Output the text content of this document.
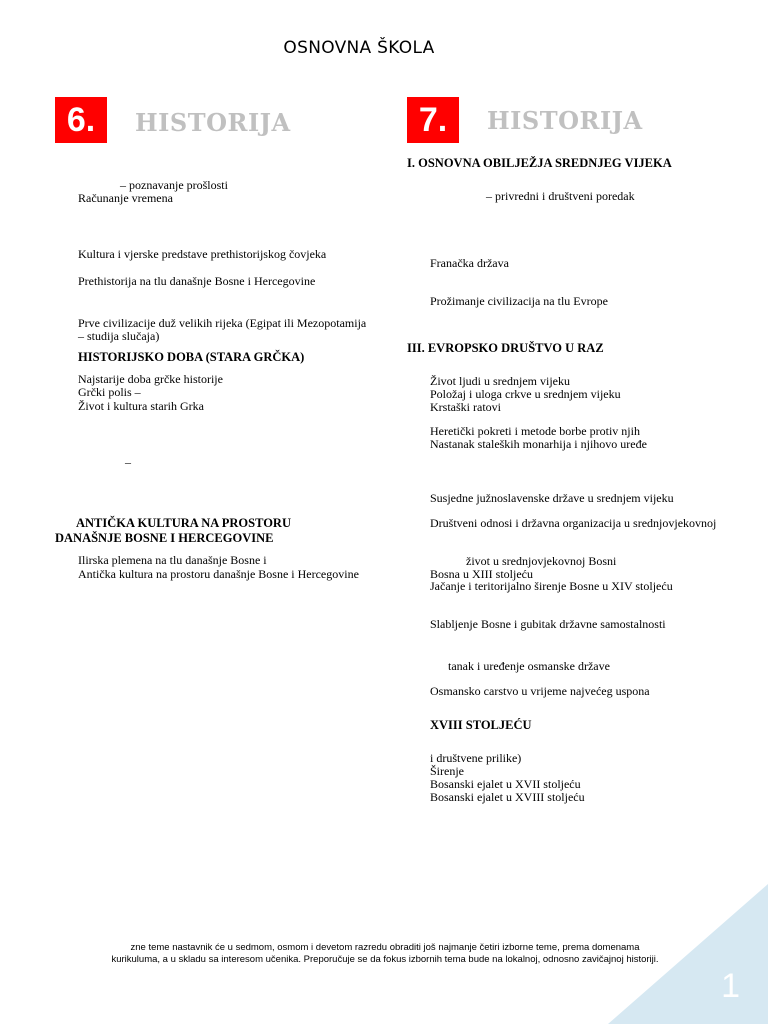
OSNOVNA ŠKOLA
6.	HISTORIJA
– poznavanje prošlosti
Računanje vremena
Kultura i vjerske predstave prethistorijskog čovjeka
Prethistorija na tlu današnje Bosne i Hercegovine
Prve civilizacije duž velikih rijeka (Egipat ili Mezopotamija
– studija slučaja)
HISTORIJSKO DOBA (STARA GRČKA)
Najstarije doba grčke historije
Grčki polis –
Život i kultura starih Grka
–
ANTIČKA KULTURA NA PROSTORU
DANAŠNJE BOSNE I HERCEGOVINE
Ilirska plemena na tlu današnje Bosne i
Antička kultura na prostoru današnje Bosne i Hercegovine
7.	HISTORIJA
I. OSNOVNA OBILJEŽJA SREDNJEG VIJEKA
– privredni i društveni poredak
Franačka država
Prožimanje civilizacija na tlu Evrope
III. EVROPSKO DRUŠTVO U RAZ
Život ljudi u srednjem vijeku
Položaj i uloga crkve u srednjem vijeku
Krstaški ratovi
Heretički pokreti i metode borbe protiv njih
Nastanak staleških monarhija i njihovo uređe
Susjedne južnoslavenske države u srednjem vijeku
Društveni odnosi i državna organizacija u srednjovjekovnoj
život u srednjovjekovnoj Bosni
Bosna u XIII stoljeću
Jačanje i teritorijalno širenje Bosne u XIV stoljeću
Slabljenje Bosne i gubitak državne samostalnosti
tanak i uređenje osmanske države
Osmansko carstvo u vrijeme najvećeg uspona
XVIII STOLJEĆU
i društvene prilike)
Širenje
Bosanski ejalet u XVII stoljeću
Bosanski ejalet u XVIII stoljeću
zne teme nastavnik će u sedmom, osmom i devetom razredu obraditi još najmanje četiri izborne teme, prema domenama
kurikuluma, a u skladu sa interesom učenika. Preporučuje se da fokus izbornih tema bude na lokalnoj, odnosno zavičajnoj historiji.
1
